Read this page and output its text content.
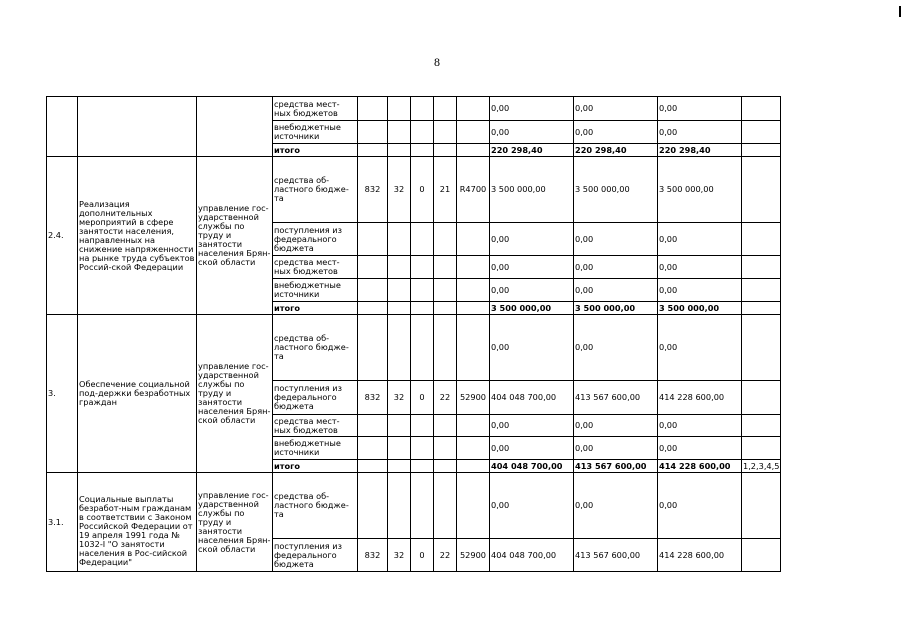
8
			средства мест-ных бюджетов						0,00	0,00	0,00	
			внебюджетные источники						0,00	0,00	0,00	
			итого						220 298,40	220 298,40	220 298,40	
2.4.	Реализация дополнительных мероприятий в сфере занятости населения, направленных на снижение напряженности на рынке труда субъектов Россий-ской Федерации	управление гос-ударственной службы по труду и занятости населения Брян-ской области	средства об-ластного бюдже-та	832	32	0	21	R4700	3 500 000,00	3 500 000,00	3 500 000,00	
			поступления из федерального бюджета						0,00	0,00	0,00	
			средства мест-ных бюджетов						0,00	0,00	0,00	
			внебюджетные источники						0,00	0,00	0,00	
			итого						3 500 000,00	3 500 000,00	3 500 000,00	
3.	Обеспечение социальной под-держки безработных граждан	управление гос-ударственной службы по труду и занятости населения Брян-ской области	средства об-ластного бюдже-та						0,00	0,00	0,00	
			поступления из федерального бюджета	832	32	0	22	52900	404 048 700,00	413 567 600,00	414 228 600,00	
			средства мест-ных бюджетов						0,00	0,00	0,00	
			внебюджетные источники						0,00	0,00	0,00	
			итого						404 048 700,00	413 567 600,00	414 228 600,00	1,2,3,4,5
3.1.	Социальные выплаты безработ-ным гражданам в соответствии с Законом Российской Федерации от 19 апреля 1991 года № 1032-I "О занятости населения в Рос-сийской Федерации"	управление гос-ударственной службы по труду и занятости населения Брян-ской области	средства об-ластного бюдже-та						0,00	0,00	0,00	
			поступления из федерального бюджета	832	32	0	22	52900	404 048 700,00	413 567 600,00	414 228 600,00	
